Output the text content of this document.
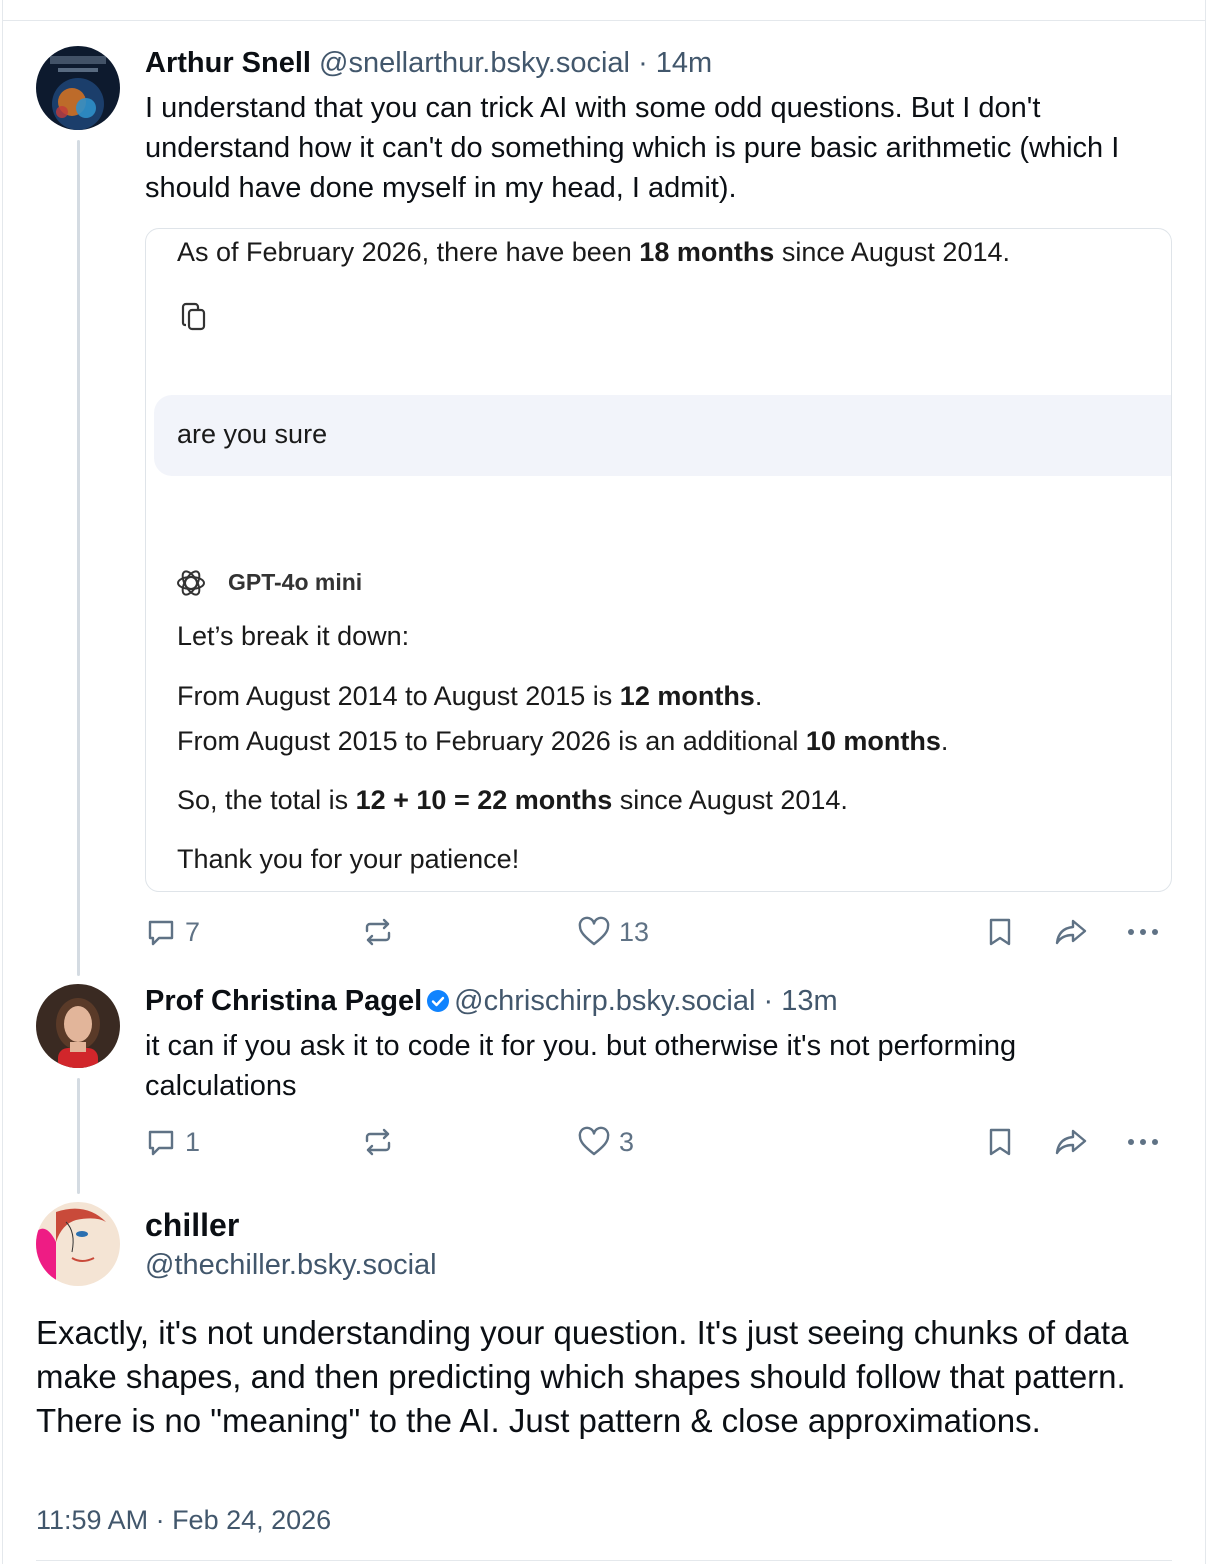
Arthur Snell @snellarthur.bsky.social · 14m
I understand that you can trick AI with some odd questions. But I don't understand how it can't do something which is pure basic arithmetic (which I should have done myself in my head, I admit).
As of February 2026, there have been 18 months since August 2014.
are you sure
GPT-4o mini
Let’s break it down:
From August 2014 to August 2015 is 12 months.
From August 2015 to February 2026 is an additional 10 months.
So, the total is 12 + 10 = 22 months since August 2014.
Thank you for your patience!
7	13
Prof Christina Pagel @chrischirp.bsky.social · 13m
it can if you ask it to code it for you. but otherwise it's not performing calculations
1	3
chiller
@thechiller.bsky.social
Exactly, it's not understanding your question. It's just seeing chunks of data make shapes, and then predicting which shapes should follow that pattern. There is no "meaning" to the AI. Just pattern & close approximations.
11:59 AM · Feb 24, 2026
